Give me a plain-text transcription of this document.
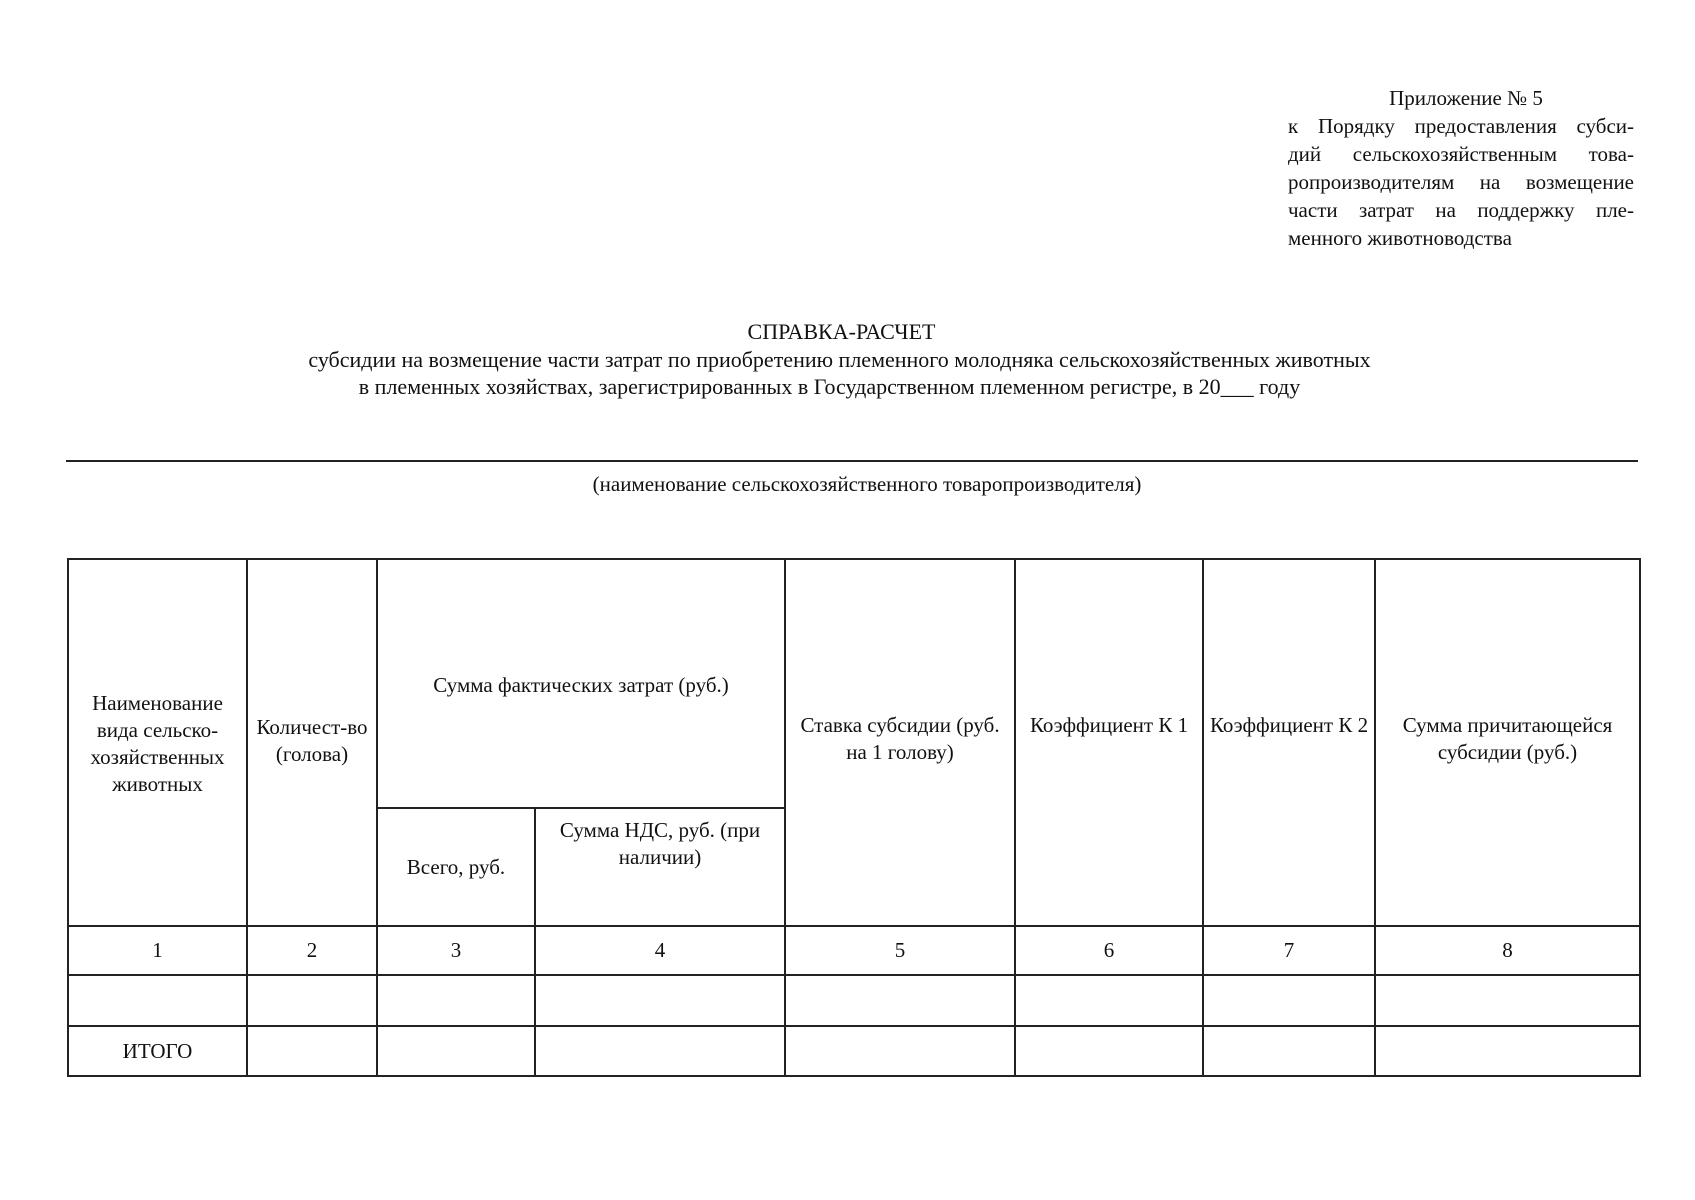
Приложение № 5
к Порядку предоставления субси-
дий сельскохозяйственным това-
ропроизводителям на возмещение
части затрат на поддержку пле-
менного животноводства
СПРАВКА-РАСЧЕТ
субсидии на возмещение части затрат по приобретению племенного молодняка сельскохозяйственных животных
в племенных хозяйствах, зарегистрированных в Государственном племенном регистре, в 20___ году
(наименование сельскохозяйственного товаропроизводителя)
Наименование вида сельско-хозяйственных животных	Количест-во (голова)	Сумма фактических затрат (руб.)		Ставка субсидии (руб. на 1 голову)	Коэффициент К 1	Коэффициент К 2	Сумма причитающейся субсидии (руб.)
		Всего, руб.	Сумма НДС, руб. (при наличии)				
1	2	3	4	5	6	7	8

ИТОГО							
